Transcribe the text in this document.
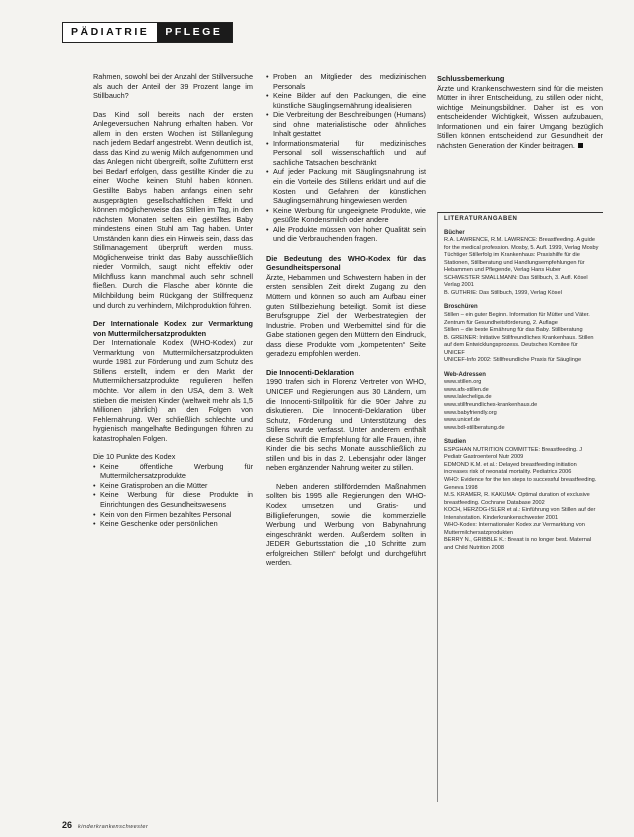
PÄDIATRIE	PFLEGE

Rahmen, sowohl bei der Anzahl der Stillversuche als auch der Anteil der 39 Prozent lange im Stillbauch?

Das Kind soll bereits nach der ersten Anlegeversuchen Nahrung erhalten haben. Vor allem in den ersten Wochen ist Stillanlegung nach jedem Bedarf angestrebt. Wenn deutlich ist, dass das Kind zu wenig Milch aufgenommen und das Anlegen nicht übergreift, sollte Zufüttern erst bei Bedarf erfolgen, dass gestillte Kinder die zu einer Woche keinen Stuhl haben können. Gestillte Babys haben anfangs einen sehr ausgeprägten gesellschaftlichen Effekt und können möglicherweise das Stillen im Tag, in den nächsten Monaten selten ein gestilltes Baby mindestens einen Stuhl am Tag haben. Unter Umständen kann dies ein Hinweis sein, dass das Stillmanagement überprüft werden muss. Möglicherweise trinkt das Baby ausschließlich nieder Vormilch, saugt nicht effektiv oder Milchfluss kann manchmal auch sehr schnell fließen. Durch die Flasche aber könnte die Milchbildung beim Rückgang der Stillfrequenz und durch zu verhindern, Milchproduktion führen.

Der Internationale Kodex zur Vermarktung von Muttermilchersatzprodukten

Der Internationale Kodex (WHO-Kodex) zur Vermarktung von Muttermilchersatzprodukten wurde 1981 zur Förderung und zum Schutz des Stillens erstellt, indem er den Markt der Muttermilchersatzprodukte regulieren helfen möchte. Vor allem in den USA, dem 3. Welt stieben die meisten Kinder (weltweit mehr als 1,5 Millionen jährlich) an den Folgen von Fehlernährung. Wer schließlich schlechte und hygienisch mangelhafte Bedingungen führen zu katastrophalen Folgen.

Die 10 Punkte des Kodex

• Keine öffentliche Werbung für Muttermilchersatzprodukte
• Keine Gratisproben an die Mütter
• Keine Werbung für diese Produkte in Einrichtungen des Gesundheitswesens
• Kein von den Firmen bezahltes Personal
• Keine Geschenke oder persönlichen
• Proben an Mitglieder des medizinischen Personals
• Keine Bilder auf den Packungen, die eine künstliche Säuglingsernährung idealisieren
• Die Verbreitung der Beschreibungen (Humans) sind ohne materialistische oder ähnliches Inhalt gestattet
• Informationsmaterial für medizinisches Personal soll wissenschaftlich und auf sachliche Tatsachen beschränkt
• Auf jeder Packung mit Säuglingsnahrung ist ein die Vorteile des Stillens erklärt und auf die Kosten und Gefahren der künstlichen Säuglingsernährung hingewiesen werden
• Keine Werbung für ungeeignete Produkte, wie gesüßte Kondensmilch oder andere
• Alle Produkte müssen von hoher Qualität sein und die Verbrauchenden fragen.
Die Bedeutung des WHO-Kodex für das Gesundheitspersonal

Ärzte, Hebammen und Schwestern haben in der ersten sensiblen Zeit direkt Zugang zu den Müttern und können so auch am Aufbau einer guten Stillbeziehung beteiligt. Somit ist diese Berufsgruppe Ziel der Werbestrategien der Industrie. Proben und Werbemittel sind für die Gabe stationen gegen den Müttern den Eindruck, dass diese Produkte vom „kompetenten“ Seite geradezu empfohlen werden.

Die Innocenti-Deklaration

1990 trafen sich in Florenz Vertreter von WHO, UNICEF und Regierungen aus 30 Ländern, um die Innocenti-Stillpolitik für die 90er Jahre zu diskutieren. Die Innocenti-Deklaration über Schutz, Förderung und Unterstützung des Stillens wurde verfasst. Unter anderem enthält diese Schrift die Empfehlung für alle Frauen, ihre Kinder die bis sechs Monate ausschließlich zu stillen und bis in das 2. Lebensjahr oder länger neben ergänzender Nahrung weiter zu stillen.

Neben anderen stillfördernden Maßnahmen sollten bis 1995 alle Regierungen den WHO-Kodex umsetzen und Gratis- und Billiglieferungen, sowie die kommerzielle Werbung und Werbung von Babynahrung eingeschränkt werden. Außerdem sollten in JEDER Geburtsstation die „10 Schritte zum erfolgreichen Stillen“ befolgt und durchgeführt werden.

Schlussbemerkung

Ärzte und Krankenschwestern sind für die meisten Mütter in ihrer Entscheidung, zu stillen oder nicht, wichtige Meinungsbildner. Daher ist es von entscheidender Wichtigkeit, Wissen aufzubauen, Informationen und ein fairer Umgang bezüglich Stillen können entscheidend zur Gesundheit der nächsten Generation der Kinder beitragen.

LITERATURANGABEN
Bücher
R.A. LAWRENCE, R.M. LAWRENCE: Breastfeeding. A guide for the medical profession. Mosby, 5. Aufl. 1999, Verlag Mosby
Tüchtiger Stillerfolg im Krankenhaus: Praxishilfe für die Stationen, Stillberatung und Handlungsempfehlungen für Hebammen und Pflegende, Verlag Hans Huber
SCHWESTER SMALLMANN: Das Stillbuch, 3. Aufl. Kösel Verlag 2001
B. GUTHRIE: Das Stillbuch, 1999, Verlag Kösel
Broschüren
Stillen – ein guter Beginn. Information für Mütter und Väter. Zentrum für Gesundheitsförderung, 2. Auflage
Stillen – die beste Ernährung für das Baby. Stillberatung
B. GREINER: Initiative Stillfreundliches Krankenhaus. Stillen auf dem Entwicklungsprozess. Deutsches Komitee für UNICEF
UNICEF-Info 2002: Stillfreundliche Praxis für Säuglinge
Web-Adressen
www.stillen.org
www.afs-stillen.de
www.lalecheliga.de
www.stillfreundliches-krankenhaus.de
www.babyfriendly.org
www.unicef.de
www.bdl-stillberatung.de
Studien
ESPGHAN NUTRITION COMMITTEE: Breastfeeding. J Pediatr Gastroenterol Nutr 2009
EDMOND K.M. et al.: Delayed breastfeeding initiation increases risk of neonatal mortality. Pediatrics 2006
WHO: Evidence for the ten steps to successful breastfeeding. Geneva 1998
M.S. KRAMER, R. KAKUMA: Optimal duration of exclusive breastfeeding. Cochrane Database 2002
KOCH, HERZOG-ISLER et al.: Einführung von Stillen auf der Intensivstation. Kinderkrankenschwester 2001
WHO-Kodex: Internationaler Kodex zur Vermarktung von Muttermilchersatzprodukten
BERRY N., GRIBBLE K.: Breast is no longer best. Maternal and Child Nutrition 2008
26 kinderkrankenschwester
